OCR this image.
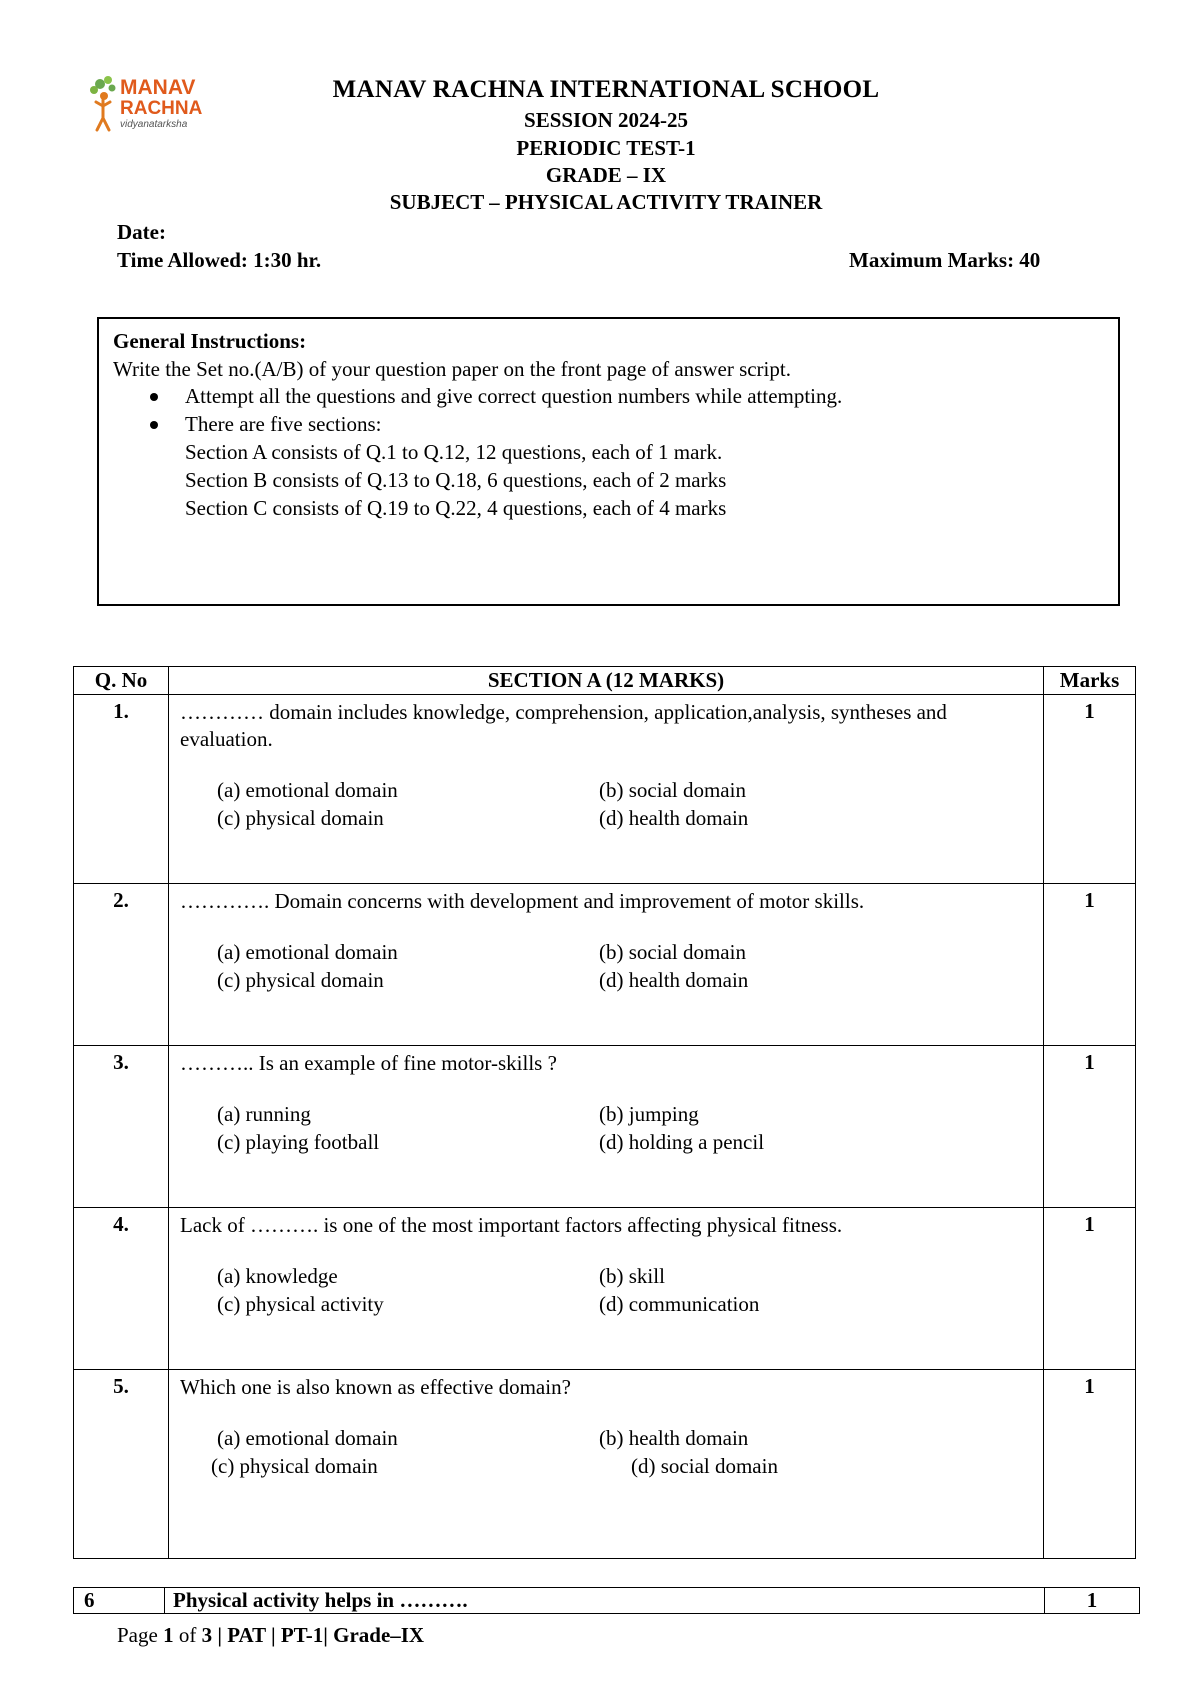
MANAV
RACHNA
vidyanatarksha
MANAV RACHNA INTERNATIONAL SCHOOL
SESSION 2024-25
PERIODIC TEST-1
GRADE – IX
SUBJECT – PHYSICAL ACTIVITY TRAINER
Date:
Time Allowed: 1:30 hr.	Maximum Marks: 40
General Instructions:
Write the Set no.(A/B) of your question paper on the front page of answer script.
Attempt all the questions and give correct question numbers while attempting.
There are five sections:
Section A consists of Q.1 to Q.12, 12 questions, each of 1 mark.
Section B consists of Q.13 to Q.18, 6 questions, each of 2 marks
Section C consists of Q.19 to Q.22, 4 questions, each of 4 marks
Q. No	SECTION A (12 MARKS)	Marks
1.	………… domain includes knowledge, comprehension, application,analysis, syntheses and evaluation.
(a) emotional domain (b) social domain
(c) physical domain (d) health domain	1
2.	…………. Domain concerns with development and improvement of motor skills.
(a) emotional domain (b) social domain
(c) physical domain (d) health domain	1
3.	……….. Is an example of fine motor-skills ?
(a) running (b) jumping
(c) playing football (d) holding a pencil	1
4.	Lack of ………. is one of the most important factors affecting physical fitness.
(a) knowledge (b) skill
(c) physical activity (d) communication	1
5.	Which one is also known as effective domain?
(a) emotional domain (b) health domain
(c) physical domain (d) social domain	1
6	Physical activity helps in ……….	1
Page 1 of 3 | PAT | PT-1| Grade–IX
